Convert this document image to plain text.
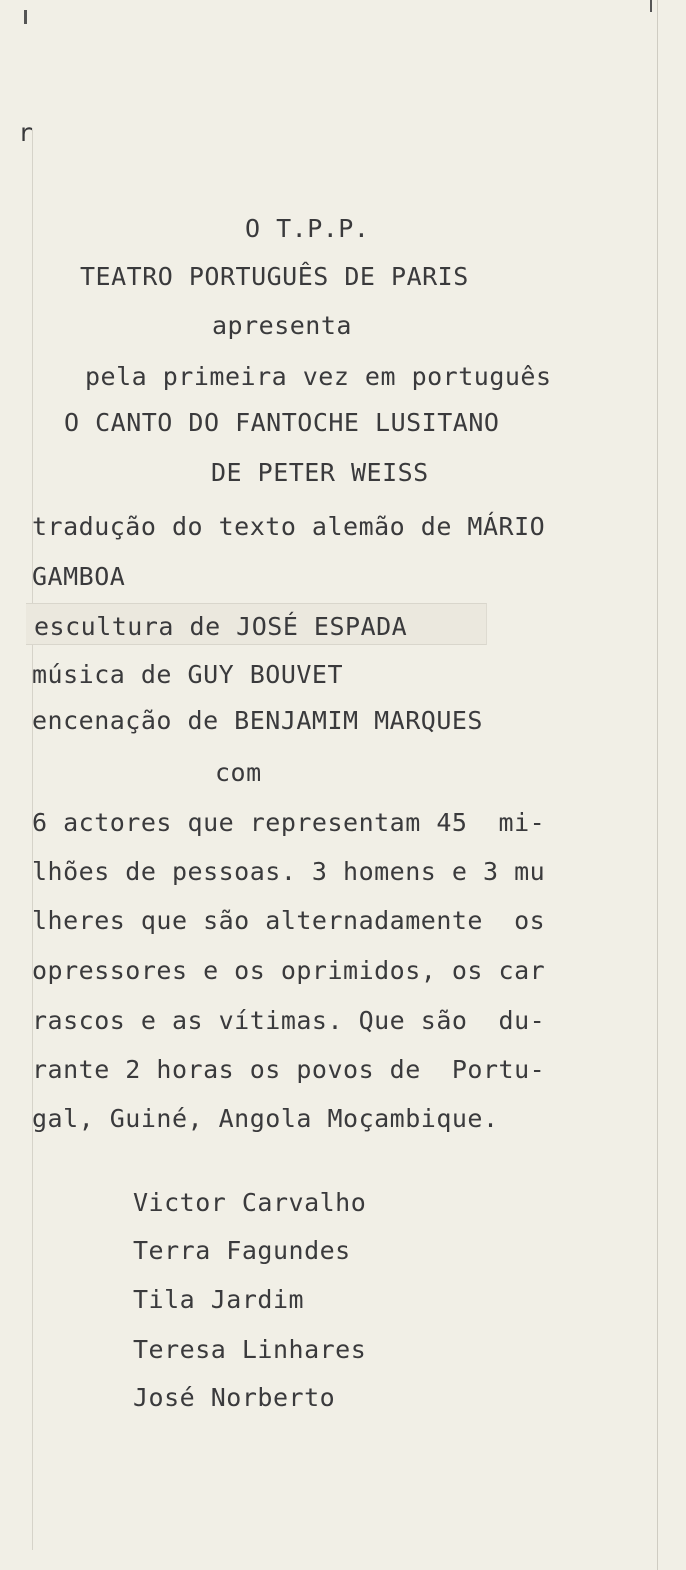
r
O T.P.P.
TEATRO PORTUGUÊS DE PARIS
apresenta
pela primeira vez em português
O CANTO DO FANTOCHE LUSITANO
DE PETER WEISS
tradução do texto alemão de MÁRIO
GAMBOA
escultura de JOSÉ ESPADA
música de GUY BOUVET
encenação de BENJAMIM MARQUES
com
6 actores que representam 45  mi-
lhões de pessoas. 3 homens e 3 mu
lheres que são alternadamente  os
opressores e os oprimidos, os car
rascos e as vítimas. Que são  du-
rante 2 horas os povos de  Portu-
gal, Guiné, Angola Moçambique.
Victor Carvalho
Terra Fagundes
Tila Jardim
Teresa Linhares
José Norberto
